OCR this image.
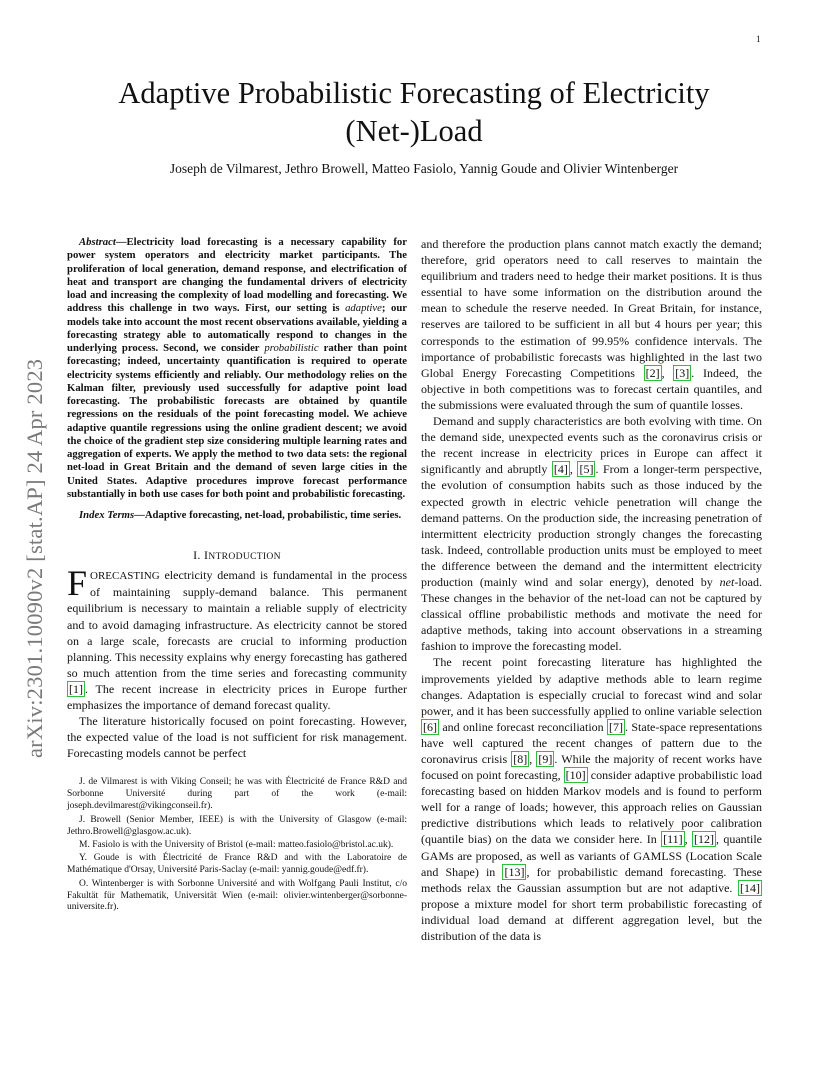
1
arXiv:2301.10090v2 [stat.AP] 24 Apr 2023
Adaptive Probabilistic Forecasting of Electricity
(Net-)Load
Joseph de Vilmarest, Jethro Browell, Matteo Fasiolo, Yannig Goude and Olivier Wintenberger

Abstract—Electricity load forecasting is a necessary capability for power system operators and electricity market participants. The proliferation of local generation, demand response, and electrification of heat and transport are changing the fundamental drivers of electricity load and increasing the complexity of load modelling and forecasting. We address this challenge in two ways. First, our setting is adaptive; our models take into account the most recent observations available, yielding a forecasting strategy able to automatically respond to changes in the underlying process. Second, we consider probabilistic rather than point forecasting; indeed, uncertainty quantification is required to operate electricity systems efficiently and reliably. Our methodology relies on the Kalman filter, previously used successfully for adaptive point load forecasting. The probabilistic forecasts are obtained by quantile regressions on the residuals of the point forecasting model. We achieve adaptive quantile regressions using the online gradient descent; we avoid the choice of the gradient step size considering multiple learning rates and aggregation of experts. We apply the method to two data sets: the regional net-load in Great Britain and the demand of seven large cities in the United States. Adaptive procedures improve forecast performance substantially in both use cases for both point and probabilistic forecasting.

Index Terms—Adaptive forecasting, net-load, probabilistic, time series.

I. INTRODUCTION

FORECASTING electricity demand is fundamental in the process of maintaining supply-demand balance. This permanent equilibrium is necessary to maintain a reliable supply of electricity and to avoid damaging infrastructure. As electricity cannot be stored on a large scale, forecasts are crucial to informing production planning. This necessity explains why energy forecasting has gathered so much attention from the time series and forecasting community [1] . The recent increase in electricity prices in Europe further emphasizes the importance of demand forecast quality.

The literature historically focused on point forecasting. However, the expected value of the load is not sufficient for risk management. Forecasting models cannot be perfect

J. de Vilmarest is with Viking Conseil; he was with Électricité de France R&D and Sorbonne Université during part of the work (e-mail: joseph.devilmarest@vikingconseil.fr).

J. Browell (Senior Member, IEEE) is with the University of Glasgow (e-mail: Jethro.Browell@glasgow.ac.uk).

M. Fasiolo is with the University of Bristol (e-mail: matteo.fasiolo@bristol.ac.uk).

Y. Goude is with Électricité de France R&D and with the Laboratoire de Mathématique d'Orsay, Université Paris-Saclay (e-mail: yannig.goude@edf.fr).

O. Wintenberger is with Sorbonne Université and with Wolfgang Pauli Institut, c/o Fakultät für Mathematik, Universität Wien (e-mail: olivier.wintenberger@sorbonne-universite.fr).

and therefore the production plans cannot match exactly the demand; therefore, grid operators need to call reserves to maintain the equilibrium and traders need to hedge their market positions. It is thus essential to have some information on the distribution around the mean to schedule the reserve needed. In Great Britain, for instance, reserves are tailored to be sufficient in all but 4 hours per year; this corresponds to the estimation of 99.95% confidence intervals. The importance of probabilistic forecasts was highlighted in the last two Global Energy Forecasting Competitions [2] , [3] . Indeed, the objective in both competitions was to forecast certain quantiles, and the submissions were evaluated through the sum of quantile losses.

Demand and supply characteristics are both evolving with time. On the demand side, unexpected events such as the coronavirus crisis or the recent increase in electricity prices in Europe can affect it significantly and abruptly [4] , [5] . From a longer-term perspective, the evolution of consumption habits such as those induced by the expected growth in electric vehicle penetration will change the demand patterns. On the production side, the increasing penetration of intermittent electricity production strongly changes the forecasting task. Indeed, controllable production units must be employed to meet the difference between the demand and the intermittent electricity production (mainly wind and solar energy), denoted by net-load. These changes in the behavior of the net-load can not be captured by classical offline probabilistic methods and motivate the need for adaptive methods, taking into account observations in a streaming fashion to improve the forecasting model.

The recent point forecasting literature has highlighted the improvements yielded by adaptive methods able to learn regime changes. Adaptation is especially crucial to forecast wind and solar power, and it has been successfully applied to online variable selection [6] and online forecast reconciliation [7] . State-space representations have well captured the recent changes of pattern due to the coronavirus crisis [8] , [9] . While the majority of recent works have focused on point forecasting, [10] consider adaptive probabilistic load forecasting based on hidden Markov models and is found to perform well for a range of loads; however, this approach relies on Gaussian predictive distributions which leads to relatively poor calibration (quantile bias) on the data we consider here. In [11] , [12] , quantile GAMs are proposed, as well as variants of GAMLSS (Location Scale and Shape) in [13] , for probabilistic demand forecasting. These methods relax the Gaussian assumption but are not adaptive. [14] propose a mixture model for short term probabilistic forecasting of individual load demand at different aggregation level, but the distribution of the data is
